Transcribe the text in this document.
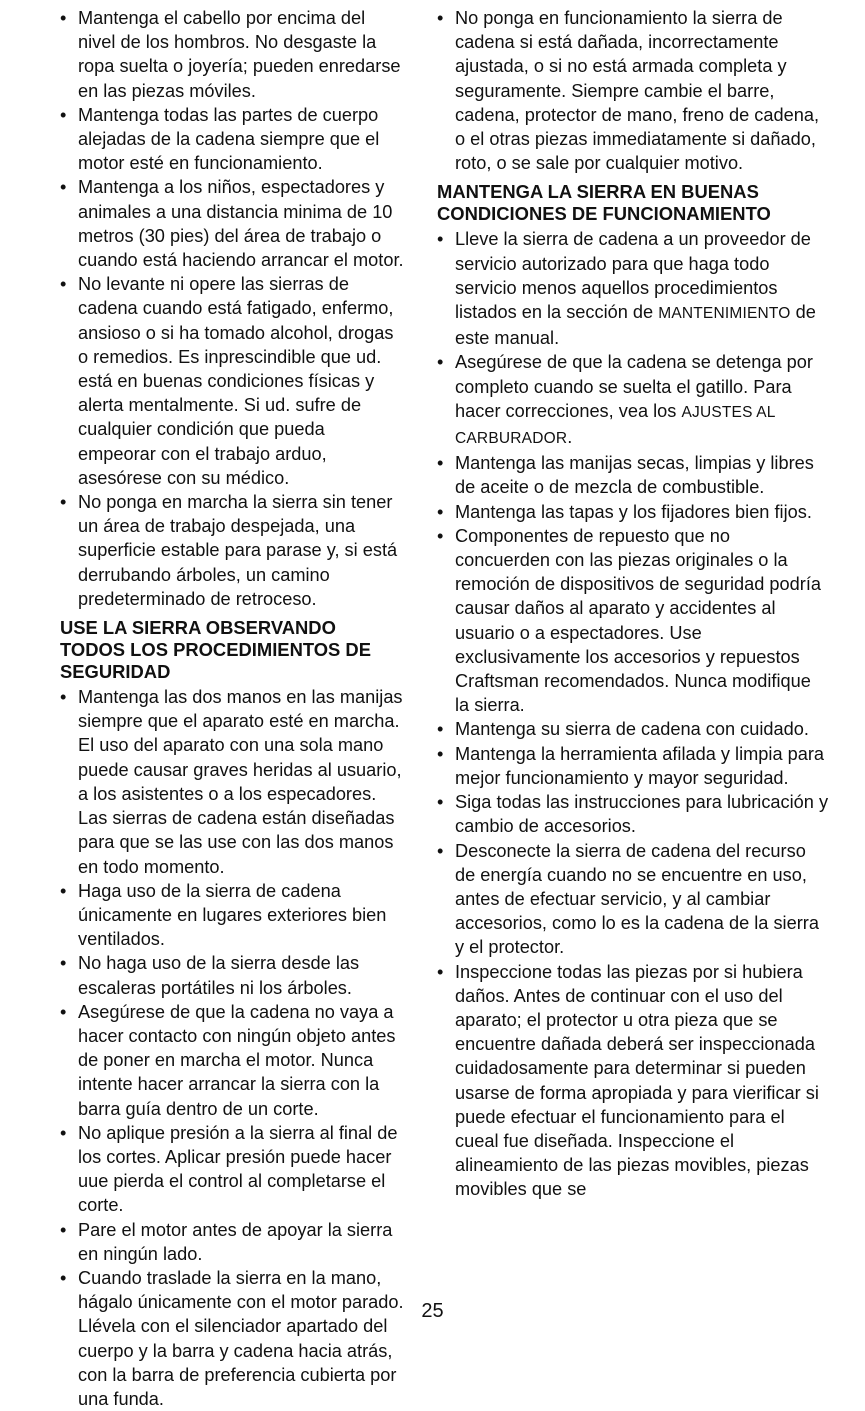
• Mantenga el cabello por encima del nivel de los hombros. No desgaste la ropa suelta o joyería; pueden enredarse en las piezas móviles.

• Mantenga todas las partes de cuerpo alejadas de la cadena siempre que el motor esté en funcionamiento.

• Mantenga a los niños, espectadores y animales a una distancia minima de 10 metros (30 pies) del área de trabajo o cuando está haciendo arrancar el motor.

• No levante ni opere las sierras de cadena cuando está fatigado, enfermo, ansioso o si ha tomado alcohol, drogas o remedios. Es inprescindible que ud. está en buenas condiciones físicas y alerta mentalmente. Si ud. sufre de cualquier condición que pueda empeorar con el trabajo arduo, asesórese con su médico.

• No ponga en marcha la sierra sin tener un área de trabajo despejada, una superficie estable para parase y, si está derrubando árboles, un camino predeterminado de retroceso.

USE LA SIERRA OBSERVANDO TODOS LOS PROCEDIMIENTOS DE SEGURIDAD

• Mantenga las dos manos en las manijas siempre que el aparato esté en marcha. El uso del aparato con una sola mano puede causar graves heridas al usuario, a los asistentes o a los especadores. Las sierras de cadena están diseñadas para que se las use con las dos manos en todo momento.

• Haga uso de la sierra de cadena únicamente en lugares exteriores bien ventilados.

• No haga uso de la sierra desde las escaleras portátiles ni los árboles.

• Asegúrese de que la cadena no vaya a hacer contacto con ningún objeto antes de poner en marcha el motor. Nunca intente hacer arrancar la sierra con la barra guía dentro de un corte.

• No aplique presión a la sierra al final de los cortes. Aplicar presión puede hacer uue pierda el control al completarse el corte.

• Pare el motor antes de apoyar la sierra en ningún lado.

• Cuando traslade la sierra en la mano, hágalo únicamente con el motor parado. Llévela con el silenciador apartado del cuerpo y la barra y cadena hacia atrás, con la barra de preferencia cubierta por una funda.

• No ponga en funcionamiento la sierra de cadena si está dañada, incorrectamente ajustada, o si no está armada completa y seguramente. Siempre cambie el barre, cadena, protector de mano, freno de cadena, o el otras piezas immediatamente si dañado, roto, o se sale por cualquier motivo.

MANTENGA LA SIERRA EN BUENAS CONDICIONES DE FUNCIONAMIENTO

• Lleve la sierra de cadena a un proveedor de servicio autorizado para que haga todo servicio menos aquellos procedimientos listados en la sección de MANTENIMIENTO de este manual.

• Asegúrese de que la cadena se detenga por completo cuando se suelta el gatillo. Para hacer correcciones, vea los AJUSTES AL CARBURADOR.

• Mantenga las manijas secas, limpias y libres de aceite o de mezcla de combustible.

• Mantenga las tapas y los fijadores bien fijos.

• Componentes de repuesto que no concuerden con las piezas originales o la remoción de dispositivos de seguridad podría causar daños al aparato y accidentes al usuario o a espectadores. Use exclusivamente los accesorios y repuestos Craftsman recomendados. Nunca modifique la sierra.

• Mantenga su sierra de cadena con cuidado.

• Mantenga la herramienta afilada y limpia para mejor funcionamiento y mayor seguridad.

• Siga todas las instrucciones para lubricación y cambio de accesorios.

• Desconecte la sierra de cadena del recurso de energía cuando no se encuentre en uso, antes de efectuar servicio, y al cambiar accesorios, como lo es la cadena de la sierra y el protector.

• Inspeccione todas las piezas por si hubiera daños. Antes de continuar con el uso del aparato; el protector u otra pieza que se encuentre dañada deberá ser inspeccionada cuidadosamente para determinar si pueden usarse de forma apropiada y para vierificar si puede efectuar el funcionamiento para el cueal fue diseñada. Inspeccione el alineamiento de las piezas movibles, piezas movibles que se

25
